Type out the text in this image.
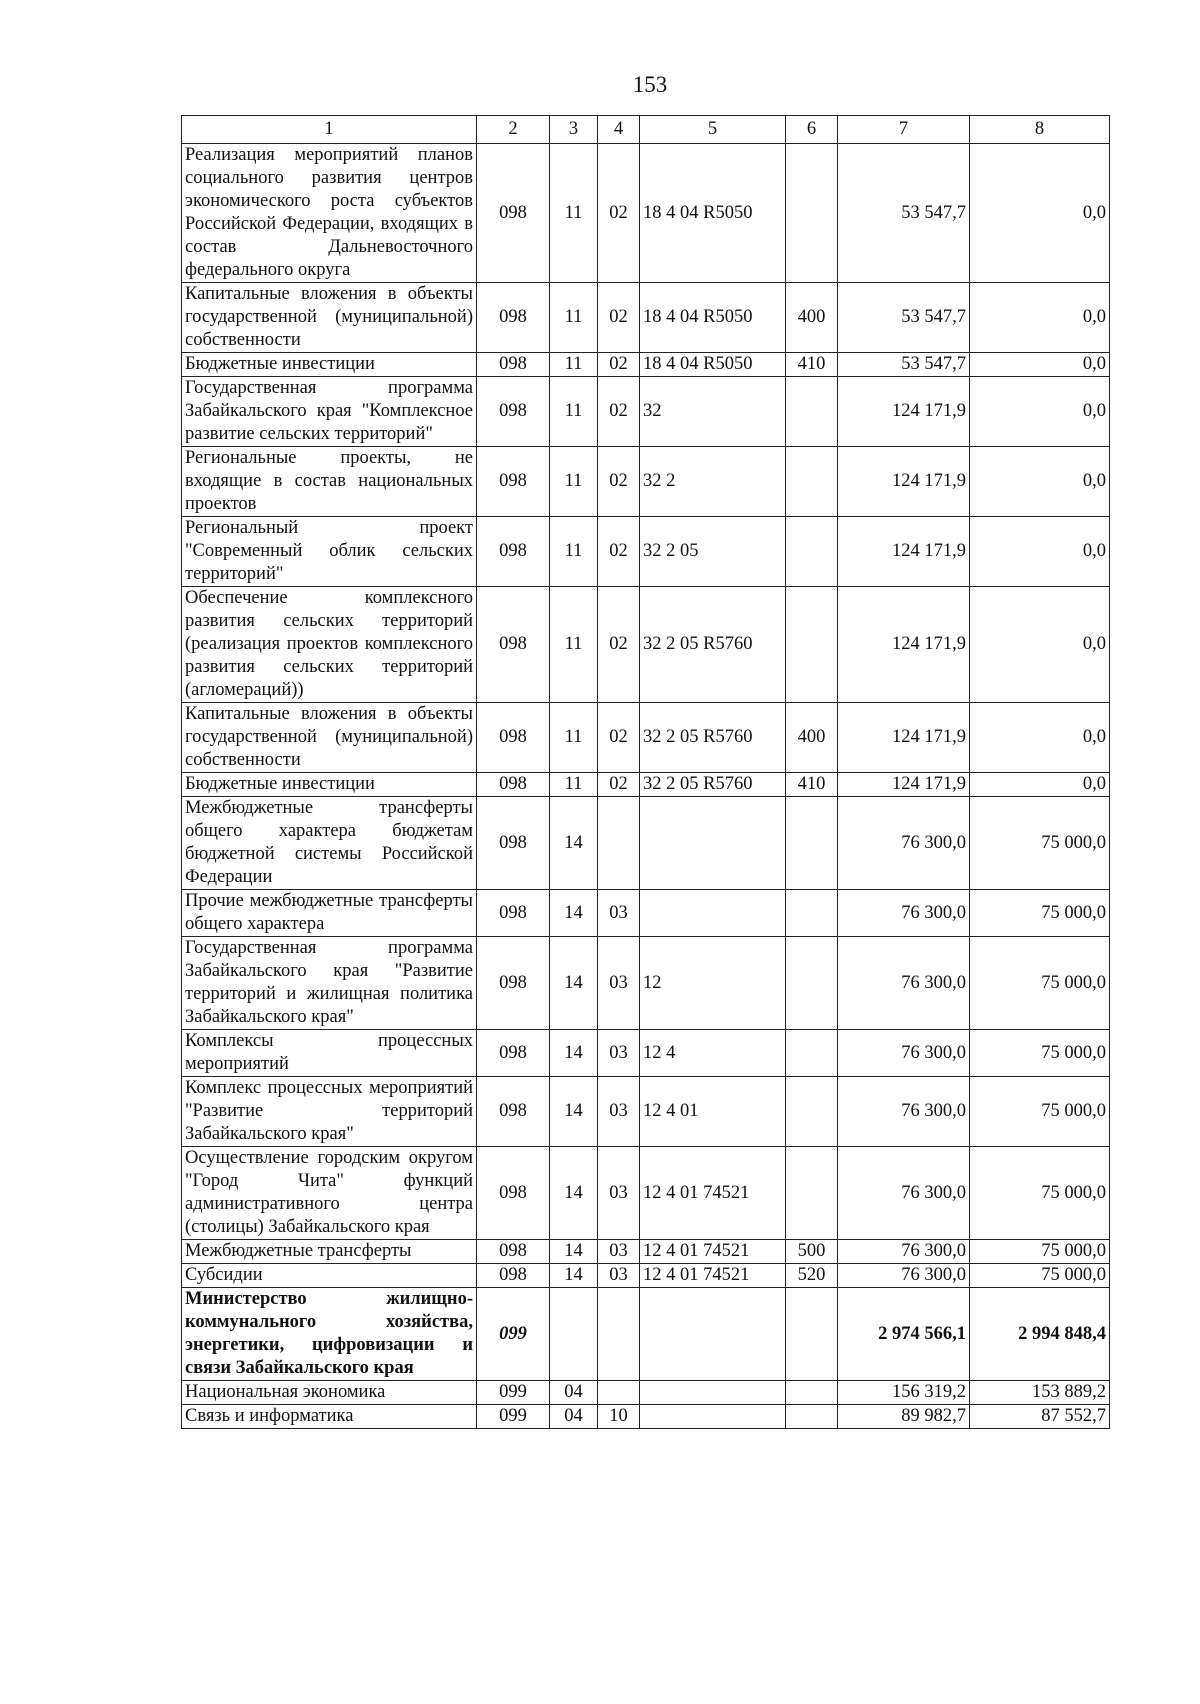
153
1	2	3	4	5	6	7	8
Реализация мероприятий планов социального развития центров экономического роста субъектов Российской Федерации, входящих в состав Дальневосточного федерального округа	098	11	02	18 4 04 R5050		53 547,7	0,0
Капитальные вложения в объекты государственной (муниципальной) собственности	098	11	02	18 4 04 R5050	400	53 547,7	0,0
Бюджетные инвестиции	098	11	02	18 4 04 R5050	410	53 547,7	0,0
Государственная программа Забайкальского края "Комплексное развитие сельских территорий"	098	11	02	32		124 171,9	0,0
Региональные проекты, не входящие в состав национальных проектов	098	11	02	32 2		124 171,9	0,0
Региональный проект "Современный облик сельских территорий"	098	11	02	32 2 05		124 171,9	0,0
Обеспечение комплексного развития сельских территорий (реализация проектов комплексного развития сельских территорий (агломераций))	098	11	02	32 2 05 R5760		124 171,9	0,0
Капитальные вложения в объекты государственной (муниципальной) собственности	098	11	02	32 2 05 R5760	400	124 171,9	0,0
Бюджетные инвестиции	098	11	02	32 2 05 R5760	410	124 171,9	0,0
Межбюджетные трансферты общего характера бюджетам бюджетной системы Российской Федерации	098	14				76 300,0	75 000,0
Прочие межбюджетные трансферты общего характера	098	14	03			76 300,0	75 000,0
Государственная программа Забайкальского края "Развитие территорий и жилищная политика Забайкальского края"	098	14	03	12		76 300,0	75 000,0
Комплексы процессных мероприятий	098	14	03	12 4		76 300,0	75 000,0
Комплекс процессных мероприятий "Развитие территорий Забайкальского края"	098	14	03	12 4 01		76 300,0	75 000,0
Осуществление городским округом "Город Чита" функций административного центра (столицы) Забайкальского края	098	14	03	12 4 01 74521		76 300,0	75 000,0
Межбюджетные трансферты	098	14	03	12 4 01 74521	500	76 300,0	75 000,0
Субсидии	098	14	03	12 4 01 74521	520	76 300,0	75 000,0
Министерство жилищно-коммунального хозяйства, энергетики, цифровизации и связи Забайкальского края	099					2 974 566,1	2 994 848,4
Национальная экономика	099	04				156 319,2	153 889,2
Связь и информатика	099	04	10			89 982,7	87 552,7
